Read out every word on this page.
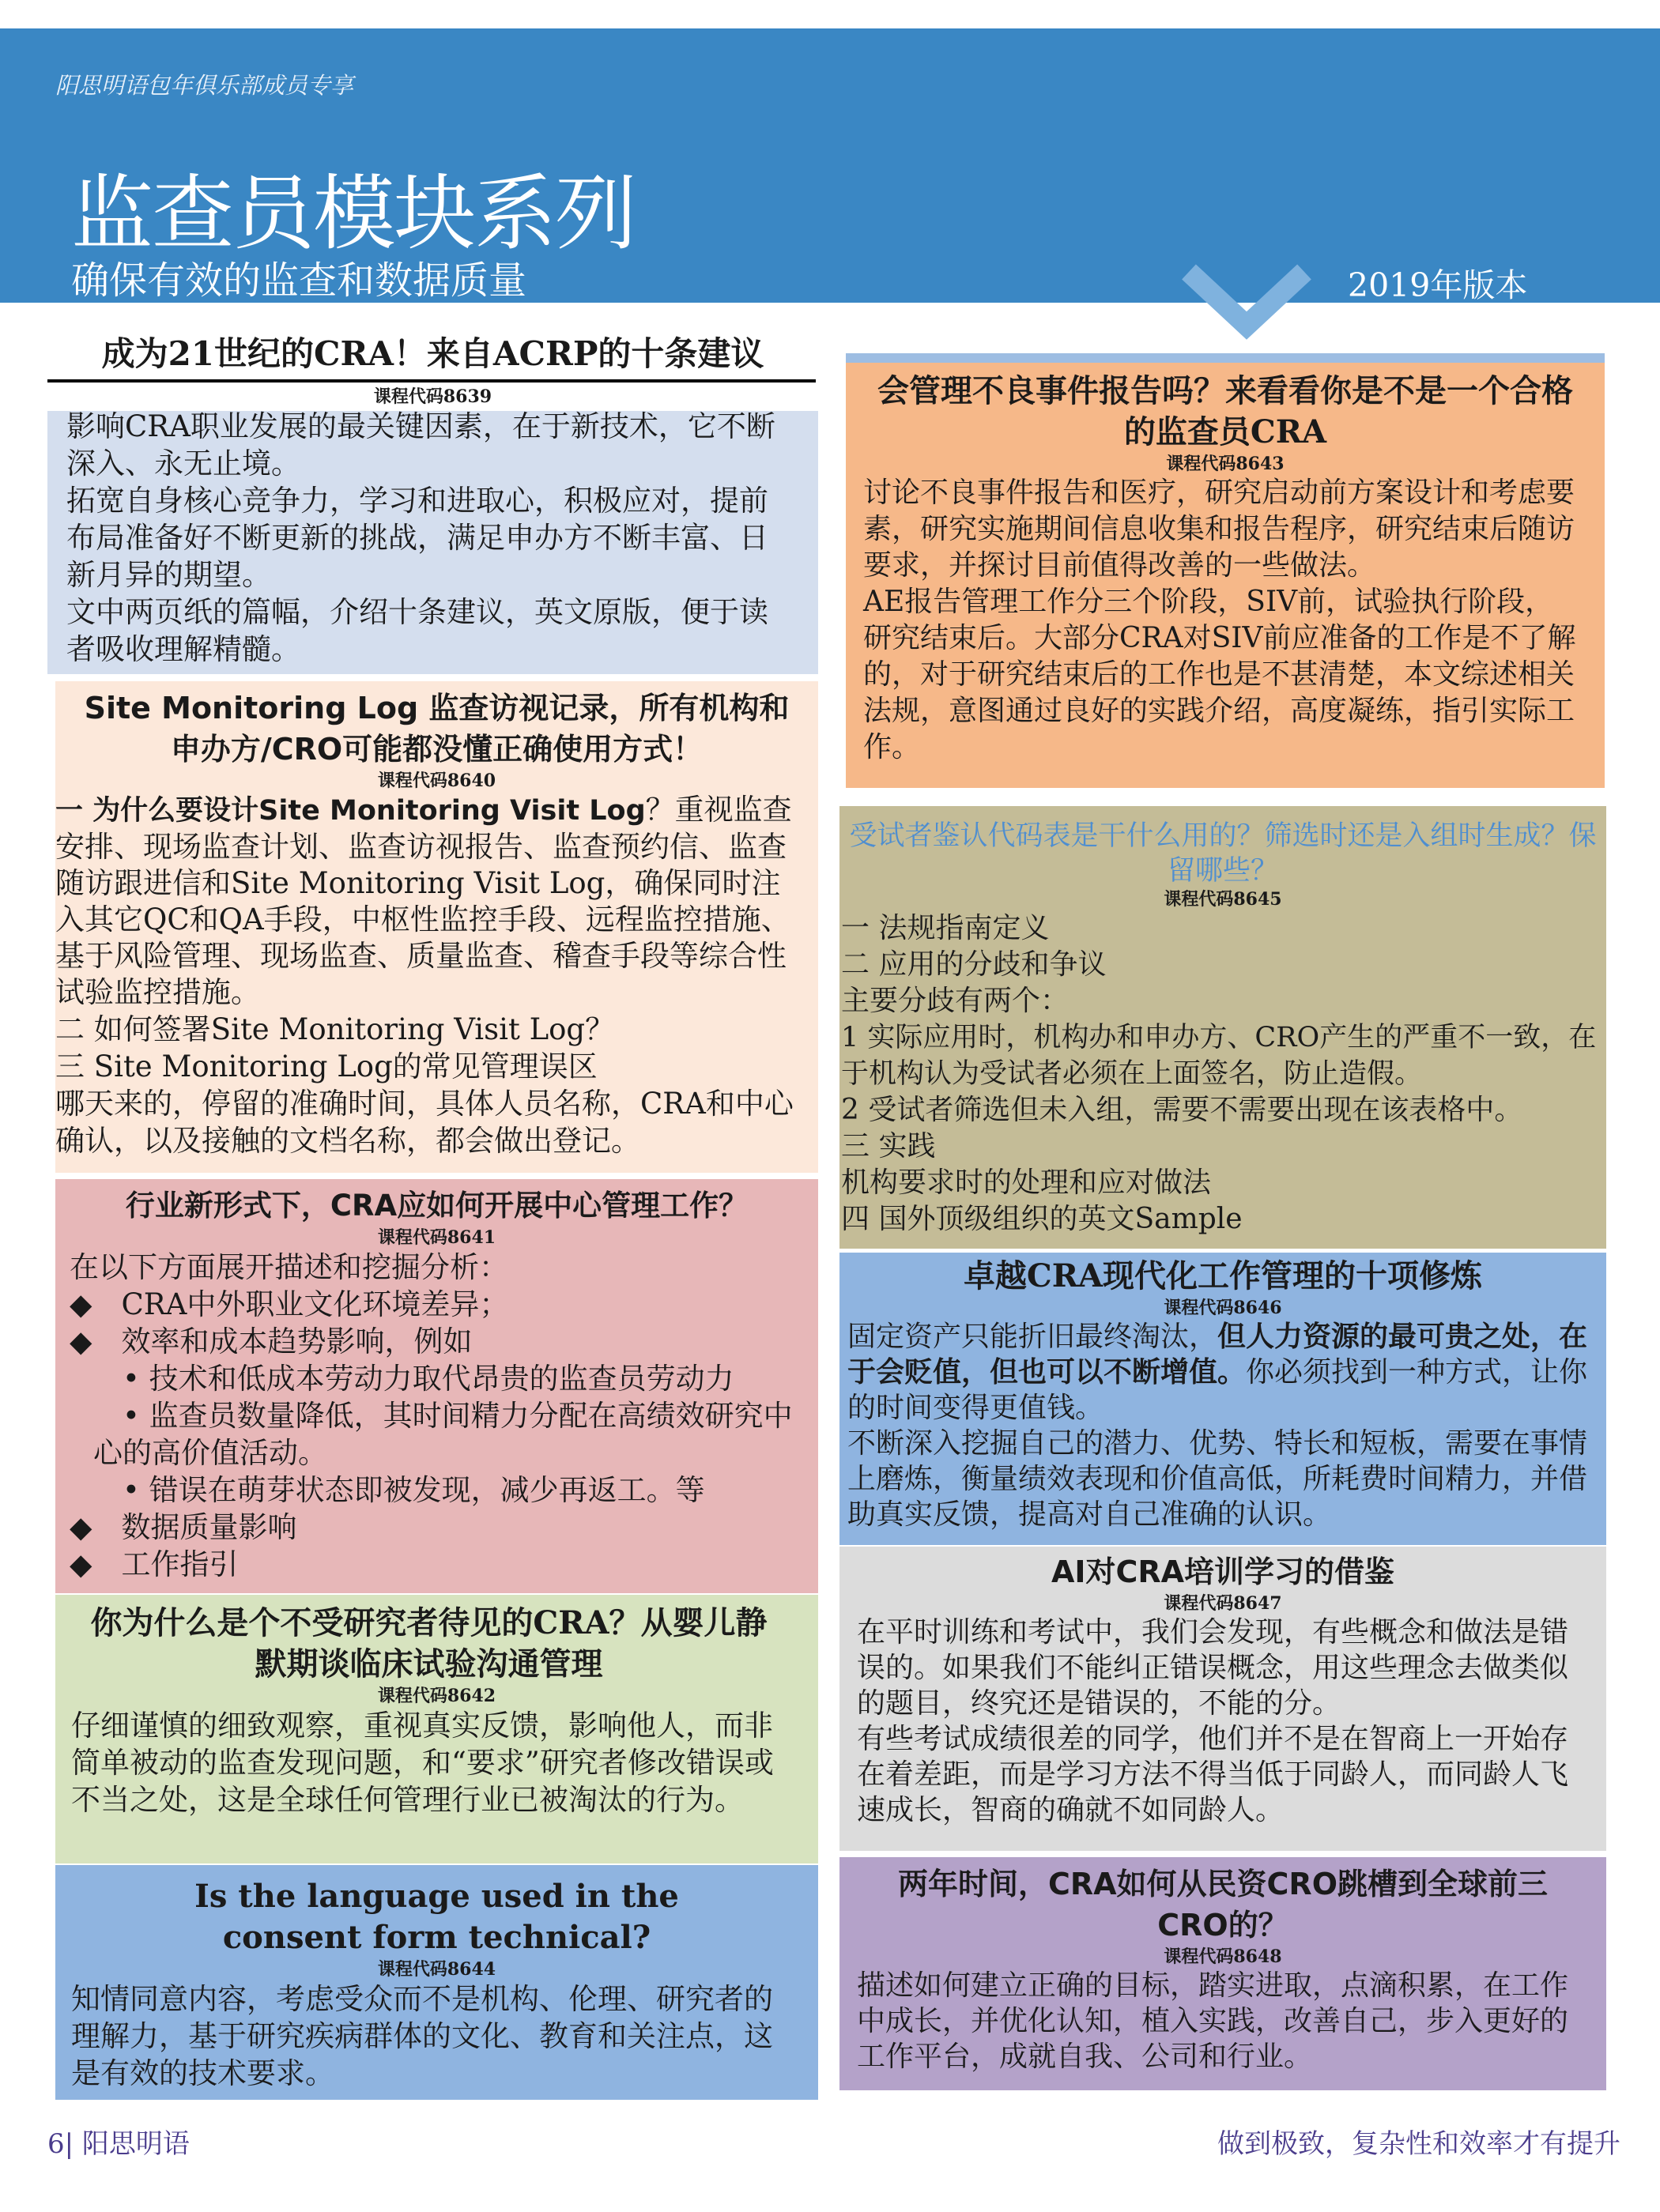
阳思明语包年俱乐部成员专享
监查员模块系列
确保有效的监查和数据质量	2019年版本
成为21世纪的CRA！来自ACRP的十条建议
课程代码8639

影响CRA职业发展的最关键因素，在于新技术，它不断深入、永无止境。

拓宽自身核心竞争力，学习和进取心，积极应对，提前布局准备好不断更新的挑战，满足申办方不断丰富、日新月异的期望。

文中两页纸的篇幅，介绍十条建议，英文原版，便于读者吸收理解精髓。

Site Monitoring Log 监查访视记录，所有机构和申办方/CRO可能都没懂正确使用方式！
课程代码8640

一 为什么要设计Site Monitoring Visit Log？重视监查安排、现场监查计划、监查访视报告、监查预约信、监查随访跟进信和Site Monitoring Visit Log，确保同时注入其它QC和QA手段，中枢性监控手段、远程监控措施、基于风险管理、现场监查、质量监查、稽查手段等综合性试验监控措施。

二 如何签署Site Monitoring Visit Log？

三 Site Monitoring Log的常见管理误区

哪天来的，停留的准确时间，具体人员名称，CRA和中心确认，以及接触的文档名称，都会做出登记。

行业新形式下，CRA应如何开展中心管理工作？
课程代码8641

在以下方面展开描述和挖掘分析：

◆　CRA中外职业文化环境差异；

◆　效率和成本趋势影响，例如

　• 技术和低成本劳动力取代昂贵的监查员劳动力

　• 监查员数量降低，其时间精力分配在高绩效研究中心的高价值活动。

　• 错误在萌芽状态即被发现，减少再返工。等

◆　数据质量影响

◆　工作指引

你为什么是个不受研究者待见的CRA？从婴儿静默期谈临床试验沟通管理
课程代码8642

仔细谨慎的细致观察，重视真实反馈，影响他人，而非简单被动的监查发现问题，和“要求”研究者修改错误或不当之处，这是全球任何管理行业已被淘汰的行为。

Is the language used in the consent form technical?
课程代码8644

知情同意内容，考虑受众而不是机构、伦理、研究者的理解力，基于研究疾病群体的文化、教育和关注点，这是有效的技术要求。

会管理不良事件报告吗？来看看你是不是一个合格的监查员CRA
课程代码8643

讨论不良事件报告和医疗，研究启动前方案设计和考虑要素，研究实施期间信息收集和报告程序，研究结束后随访要求，并探讨目前值得改善的一些做法。

AE报告管理工作分三个阶段，SIV前，试验执行阶段，研究结束后。大部分CRA对SIV前应准备的工作是不了解的，对于研究结束后的工作也是不甚清楚，本文综述相关法规，意图通过良好的实践介绍，高度凝练，指引实际工作。

受试者鉴认代码表是干什么用的？筛选时还是入组时生成？保留哪些？
课程代码8645

一 法规指南定义

二 应用的分歧和争议

主要分歧有两个：

1 实际应用时，机构办和申办方、CRO产生的严重不一致，在于机构认为受试者必须在上面签名，防止造假。

2 受试者筛选但未入组，需要不需要出现在该表格中。

三 实践

机构要求时的处理和应对做法

四 国外顶级组织的英文Sample

卓越CRA现代化工作管理的十项修炼
课程代码8646

固定资产只能折旧最终淘汰，但人力资源的最可贵之处，在于会贬值，但也可以不断增值。你必须找到一种方式，让你的时间变得更值钱。

不断深入挖掘自己的潜力、优势、特长和短板，需要在事情上磨炼，衡量绩效表现和价值高低，所耗费时间精力，并借助真实反馈，提高对自己准确的认识。

AI对CRA培训学习的借鉴
课程代码8647

在平时训练和考试中，我们会发现，有些概念和做法是错误的。如果我们不能纠正错误概念，用这些理念去做类似的题目，终究还是错误的，不能的分。

有些考试成绩很差的同学，他们并不是在智商上一开始存在着差距，而是学习方法不得当低于同龄人，而同龄人飞速成长，智商的确就不如同龄人。

两年时间，CRA如何从民资CRO跳槽到全球前三CRO的？
课程代码8648

描述如何建立正确的目标，踏实进取，点滴积累，在工作中成长，并优化认知，植入实践，改善自己，步入更好的工作平台，成就自我、公司和行业。

6| 阳思明语	做到极致，复杂性和效率才有提升
